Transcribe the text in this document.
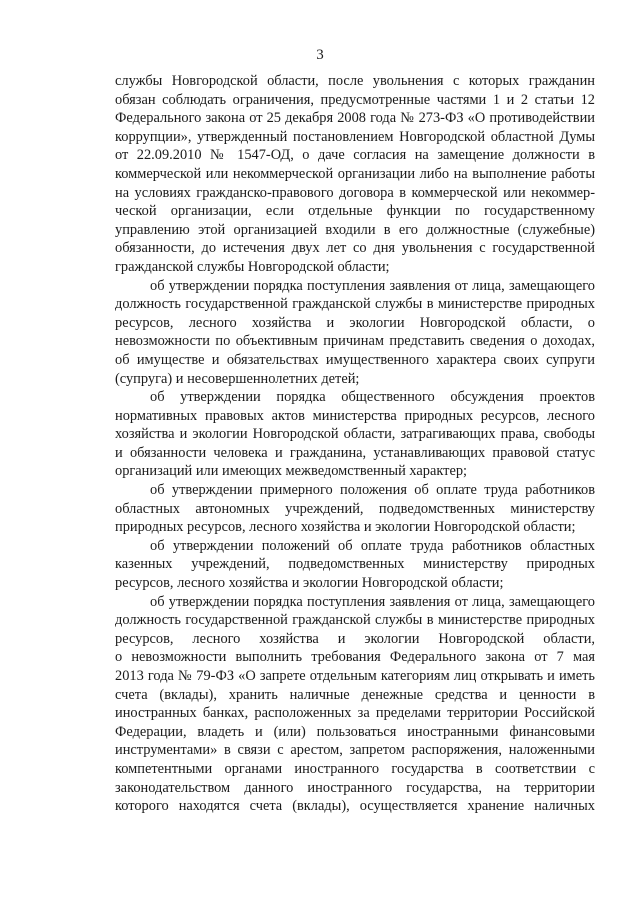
3
службы Новгородской области, после увольнения с которых гражданин
обязан соблюдать ограничения, предусмотренные частями 1 и 2 статьи 12
Федерального закона от 25 декабря 2008 года № 273-ФЗ «О противодействии
коррупции», утвержденный постановлением Новгородской областной Думы
от 22.09.2010 № 1547-ОД, о даче согласия на замещение должности в
коммерческой или некоммерческой организации либо на выполнение работы
на условиях гражданско-правового договора в коммерческой или некоммер-
ческой организации, если отдельные функции по государственному
управлению этой организацией входили в его должностные (служебные)
обязанности, до истечения двух лет со дня увольнения с государственной
гражданской службы Новгородской области;
об утверждении порядка поступления заявления от лица, замещающего
должность государственной гражданской службы в министерстве природных
ресурсов, лесного хозяйства и экологии Новгородской области, о
невозможности по объективным причинам представить сведения о доходах,
об имуществе и обязательствах имущественного характера своих супруги
(супруга) и несовершеннолетних детей;
об утверждении порядка общественного обсуждения проектов
нормативных правовых актов министерства природных ресурсов, лесного
хозяйства и экологии Новгородской области, затрагивающих права, свободы
и обязанности человека и гражданина, устанавливающих правовой статус
организаций или имеющих межведомственный характер;
об утверждении примерного положения об оплате труда работников
областных автономных учреждений, подведомственных министерству
природных ресурсов, лесного хозяйства и экологии Новгородской области;
об утверждении положений об оплате труда работников областных
казенных учреждений, подведомственных министерству природных
ресурсов, лесного хозяйства и экологии Новгородской области;
об утверждении порядка поступления заявления от лица, замещающего
должность государственной гражданской службы в министерстве природных
ресурсов, лесного хозяйства и экологии Новгородской области,
о невозможности выполнить требования Федерального закона от 7 мая
2013 года № 79-ФЗ «О запрете отдельным категориям лиц открывать и иметь
счета (вклады), хранить наличные денежные средства и ценности в
иностранных банках, расположенных за пределами территории Российской
Федерации, владеть и (или) пользоваться иностранными финансовыми
инструментами» в связи с арестом, запретом распоряжения, наложенными
компетентными органами иностранного государства в соответствии с
законодательством данного иностранного государства, на территории
которого находятся счета (вклады), осуществляется хранение наличных
